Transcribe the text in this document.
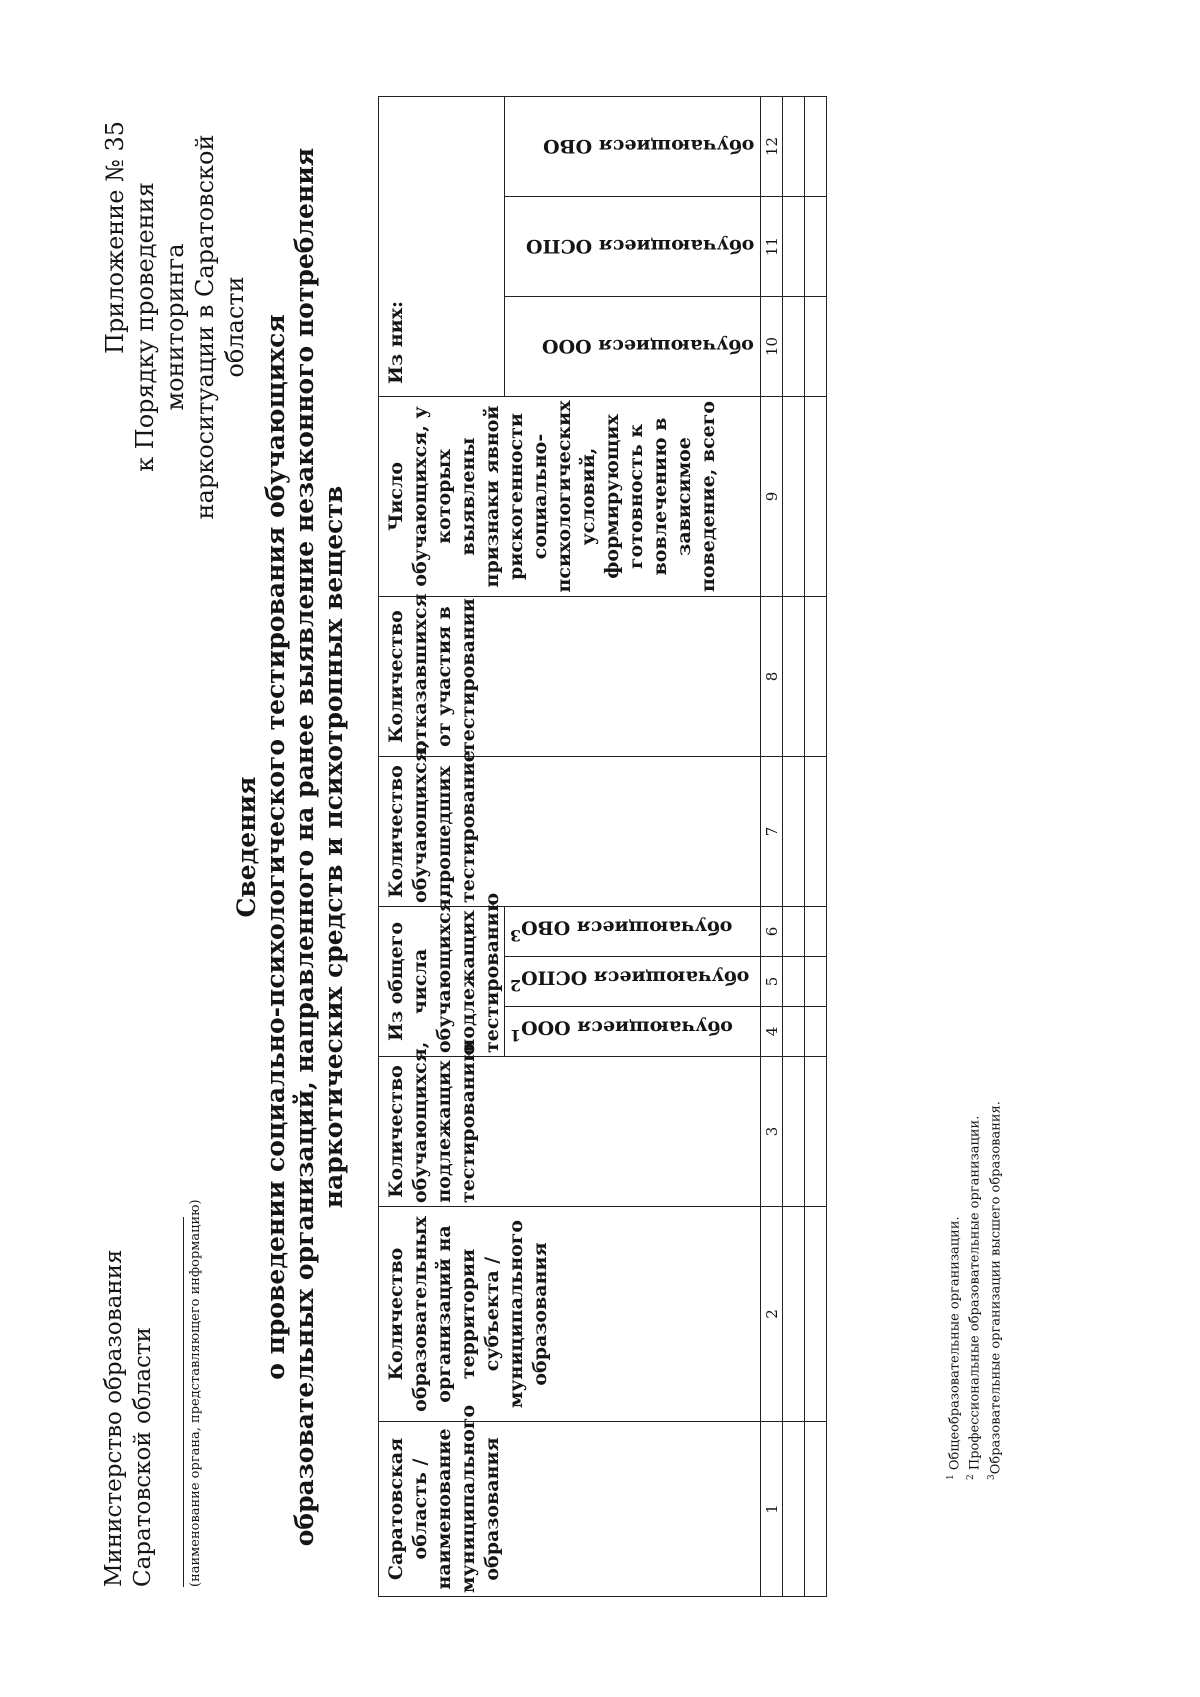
Министерство образования Саратовской области (наименование органа, представляющего информацию)
Приложение № 35 к Порядку проведения мониторинга наркоситуации в Саратовской области
Сведения о проведении социально-психологического тестирования обучающихся образовательных организаций, направленного на ранее выявление незаконного потребления наркотических средств и психотропных веществ
Саратовская область / наименование муниципального образования	Количество образовательных организаций на территории субъекта / муниципального образования	Количество обучающихся, подлежащих тестированию	Из общего числа обучающихся, подлежащих тестированию			Количество обучающихся, прошедших тестирование	Количество отказавшихся от участия в тестировании	Число обучающихся, у которых выявлены признаки явной рискогенности социально-психологических условий, формирующих готовность к вовлечению в зависимое поведение, всего	Из них:		

			обучающиеся ООО$^1$	обучающиеся ОСПО$^2$	обучающиеся ОВО$^3$				обучающиеся ООО	обучающиеся ОСПО	обучающиеся ОВО

1	2	3	4	5	6	7	8	9	10	11	12

$^1$ Общеобразовательные организации.
$^2$ Профессиональные образовательные организации.
$^3$Образовательные организации высшего образования.
